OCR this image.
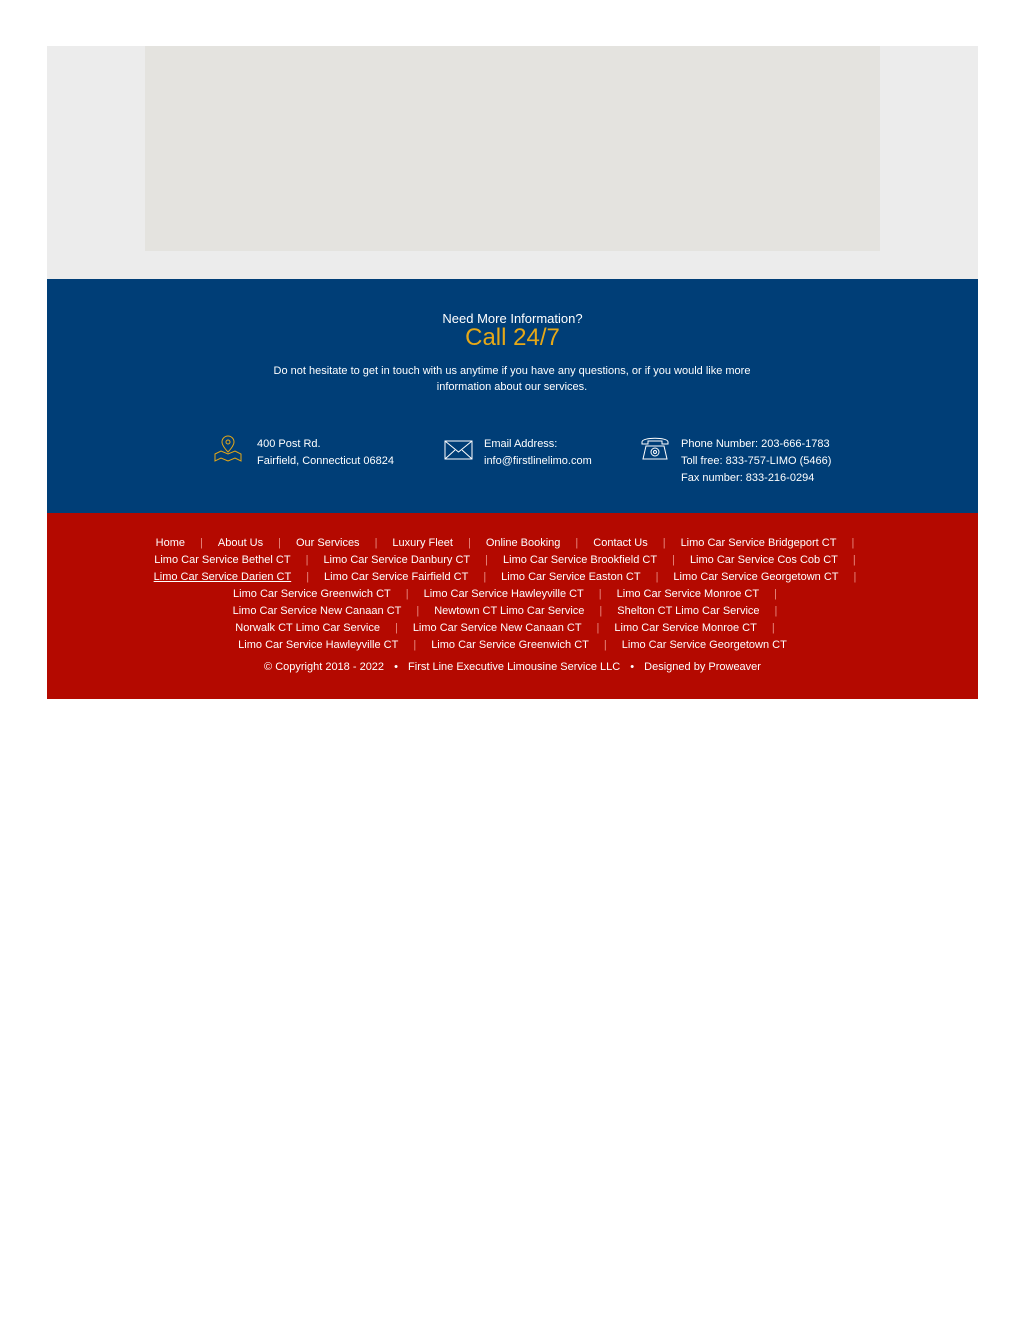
Need More Information?
Call 24/7
Do not hesitate to get in touch with us anytime if you have any questions, or if you would like more information about our services.
400 Post Rd.
Fairfield, Connecticut 06824
Email Address:
info@firstlinelimo.com
Phone Number: 203-666-1783
Toll free: 833-757-LIMO (5466)
Fax number: 833-216-0294
Home | About Us | Our Services | Luxury Fleet | Online Booking | Contact Us | Limo Car Service Bridgeport CT |
Limo Car Service Bethel CT | Limo Car Service Danbury CT | Limo Car Service Brookfield CT | Limo Car Service Cos Cob CT |
Limo Car Service Darien CT | Limo Car Service Fairfield CT | Limo Car Service Easton CT | Limo Car Service Georgetown CT |
Limo Car Service Greenwich CT | Limo Car Service Hawleyville CT | Limo Car Service Monroe CT |
Limo Car Service New Canaan CT | Newtown CT Limo Car Service | Shelton CT Limo Car Service |
Norwalk CT Limo Car Service | Limo Car Service New Canaan CT | Limo Car Service Monroe CT |
Limo Car Service Hawleyville CT | Limo Car Service Greenwich CT | Limo Car Service Georgetown CT
© Copyright 2018 - 2022 • First Line Executive Limousine Service LLC • Designed by Proweaver
